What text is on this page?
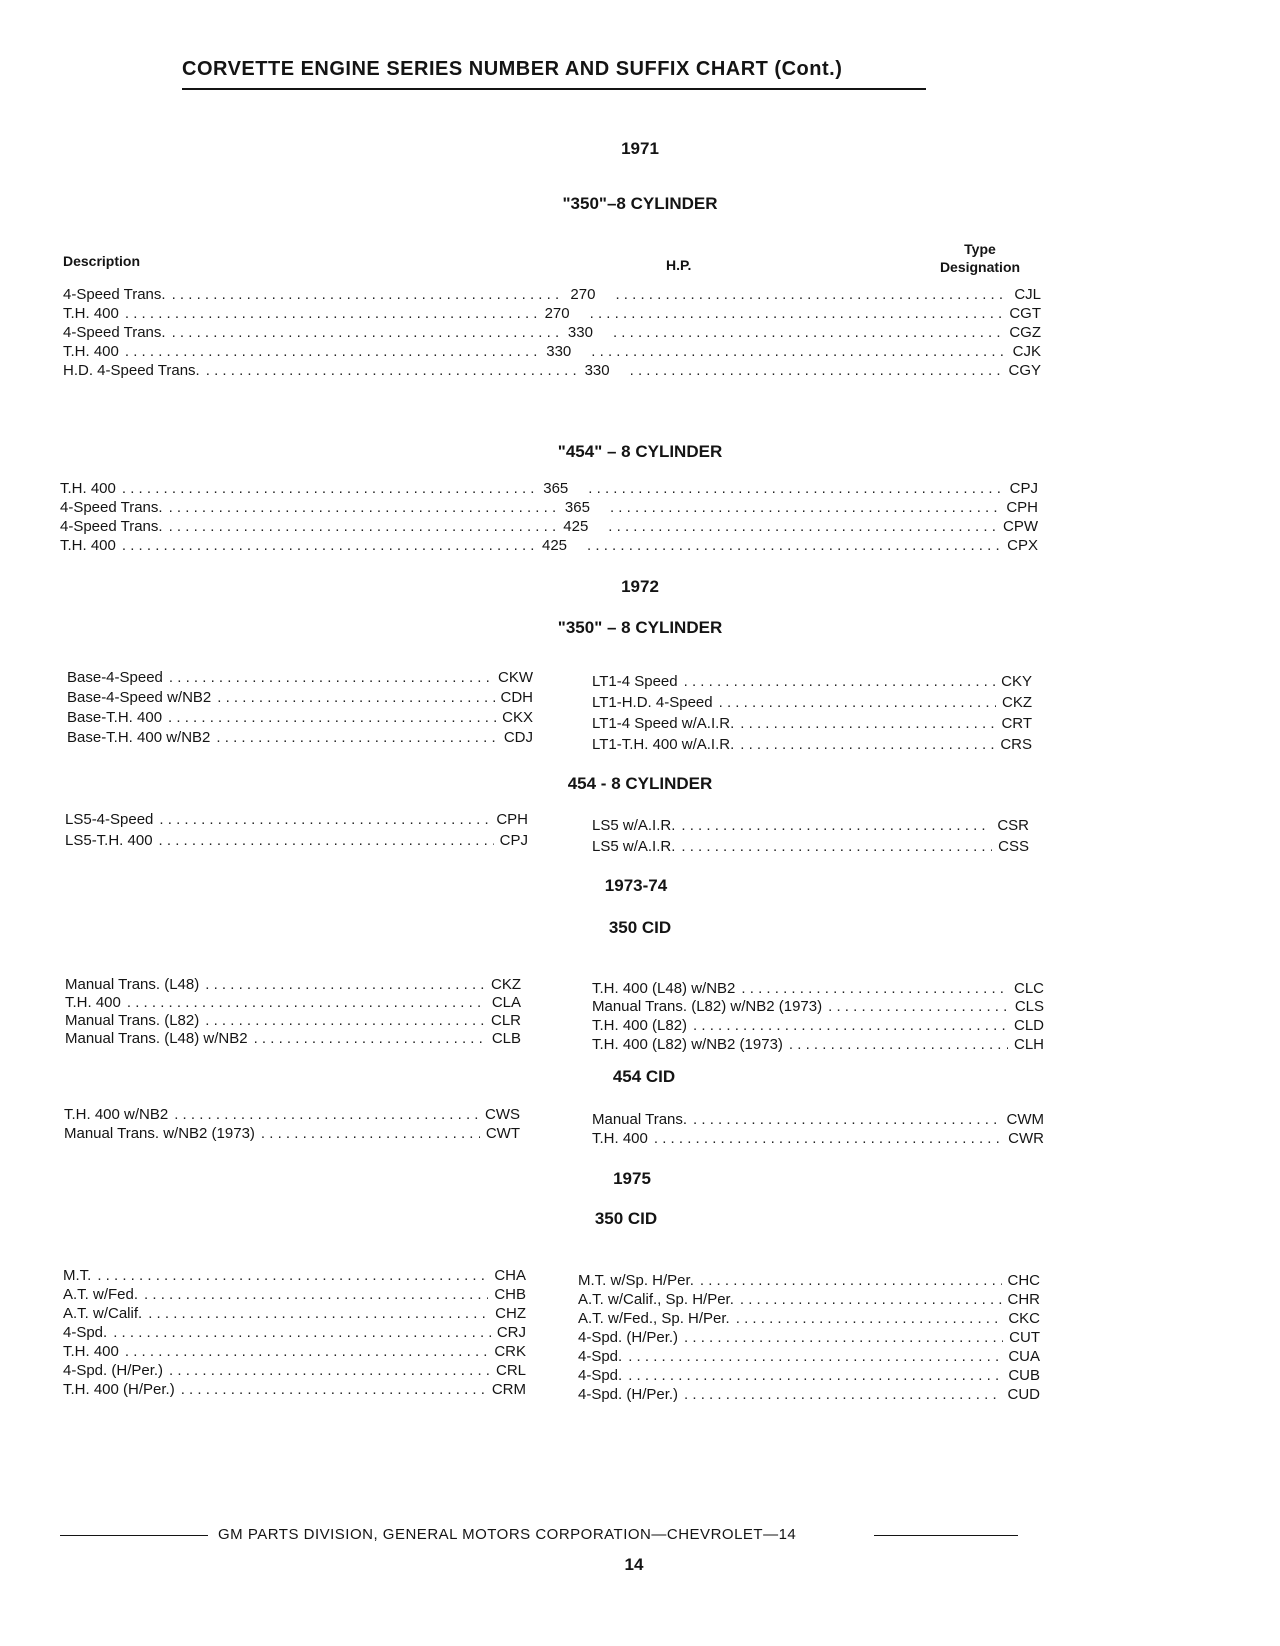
CORVETTE ENGINE SERIES NUMBER AND SUFFIX CHART (Cont.)
1971
"350"–8 CYLINDER
Description	H.P.
Type
Designation
4-Speed Trans. . . .	270 . . .	CJL
T.H. 400 . . .	270 . . .	CGT
4-Speed Trans. . . .	330 . . .	CGZ
T.H. 400 . . .	330 . . .	CJK
H.D. 4-Speed Trans. . . .	330 . . .	CGY
"454" – 8 CYLINDER
T.H. 400 . . .	365 . . .	CPJ
4-Speed Trans. . . .	365 . . .	CPH
4-Speed Trans. . . .	425 . . .	CPW
T.H. 400 . . .	425 . . .	CPX
1972
"350" – 8 CYLINDER
Base-4-Speed . . .	CKW
Base-4-Speed w/NB2 . . .	CDH
Base-T.H. 400 . . .	CKX
Base-T.H. 400 w/NB2 . . .	CDJ
LT1-4 Speed . . .	CKY
LT1-H.D. 4-Speed . . .	CKZ
LT1-4 Speed w/A.I.R. . . .	CRT
LT1-T.H. 400 w/A.I.R. . . .	CRS
454 - 8 CYLINDER
LS5-4-Speed . . .	CPH
LS5-T.H. 400 . . .	CPJ
LS5 w/A.I.R. . . .	CSR
LS5 w/A.I.R. . . .	CSS
1973-74
350 CID
Manual Trans. (L48) . . .	CKZ
T.H. 400 . . .	CLA
Manual Trans. (L82) . . .	CLR
Manual Trans. (L48) w/NB2 . . .	CLB
T.H. 400 (L48) w/NB2 . . .	CLC
Manual Trans. (L82) w/NB2 (1973) . . .	CLS
T.H. 400 (L82) . . .	CLD
T.H. 400 (L82) w/NB2 (1973) . . .	CLH
454 CID
T.H. 400 w/NB2 . . .	CWS
Manual Trans. w/NB2 (1973) . . .	CWT
Manual Trans. . . .	CWM
T.H. 400 . . .	CWR
1975
350 CID
M.T. . . .	CHA
A.T. w/Fed. . . .	CHB
A.T. w/Calif. . . .	CHZ
4-Spd. . . .	CRJ
T.H. 400 . . .	CRK
4-Spd. (H/Per.) . . .	CRL
T.H. 400 (H/Per.) . . .	CRM
M.T. w/Sp. H/Per. . . .	CHC
A.T. w/Calif., Sp. H/Per. . . .	CHR
A.T. w/Fed., Sp. H/Per. . . .	CKC
4-Spd. (H/Per.) . . .	CUT
4-Spd. . . .	CUA
4-Spd. . . .	CUB
4-Spd. (H/Per.) . . .	CUD
GM PARTS DIVISION, GENERAL MOTORS CORPORATION—CHEVROLET—14
14
